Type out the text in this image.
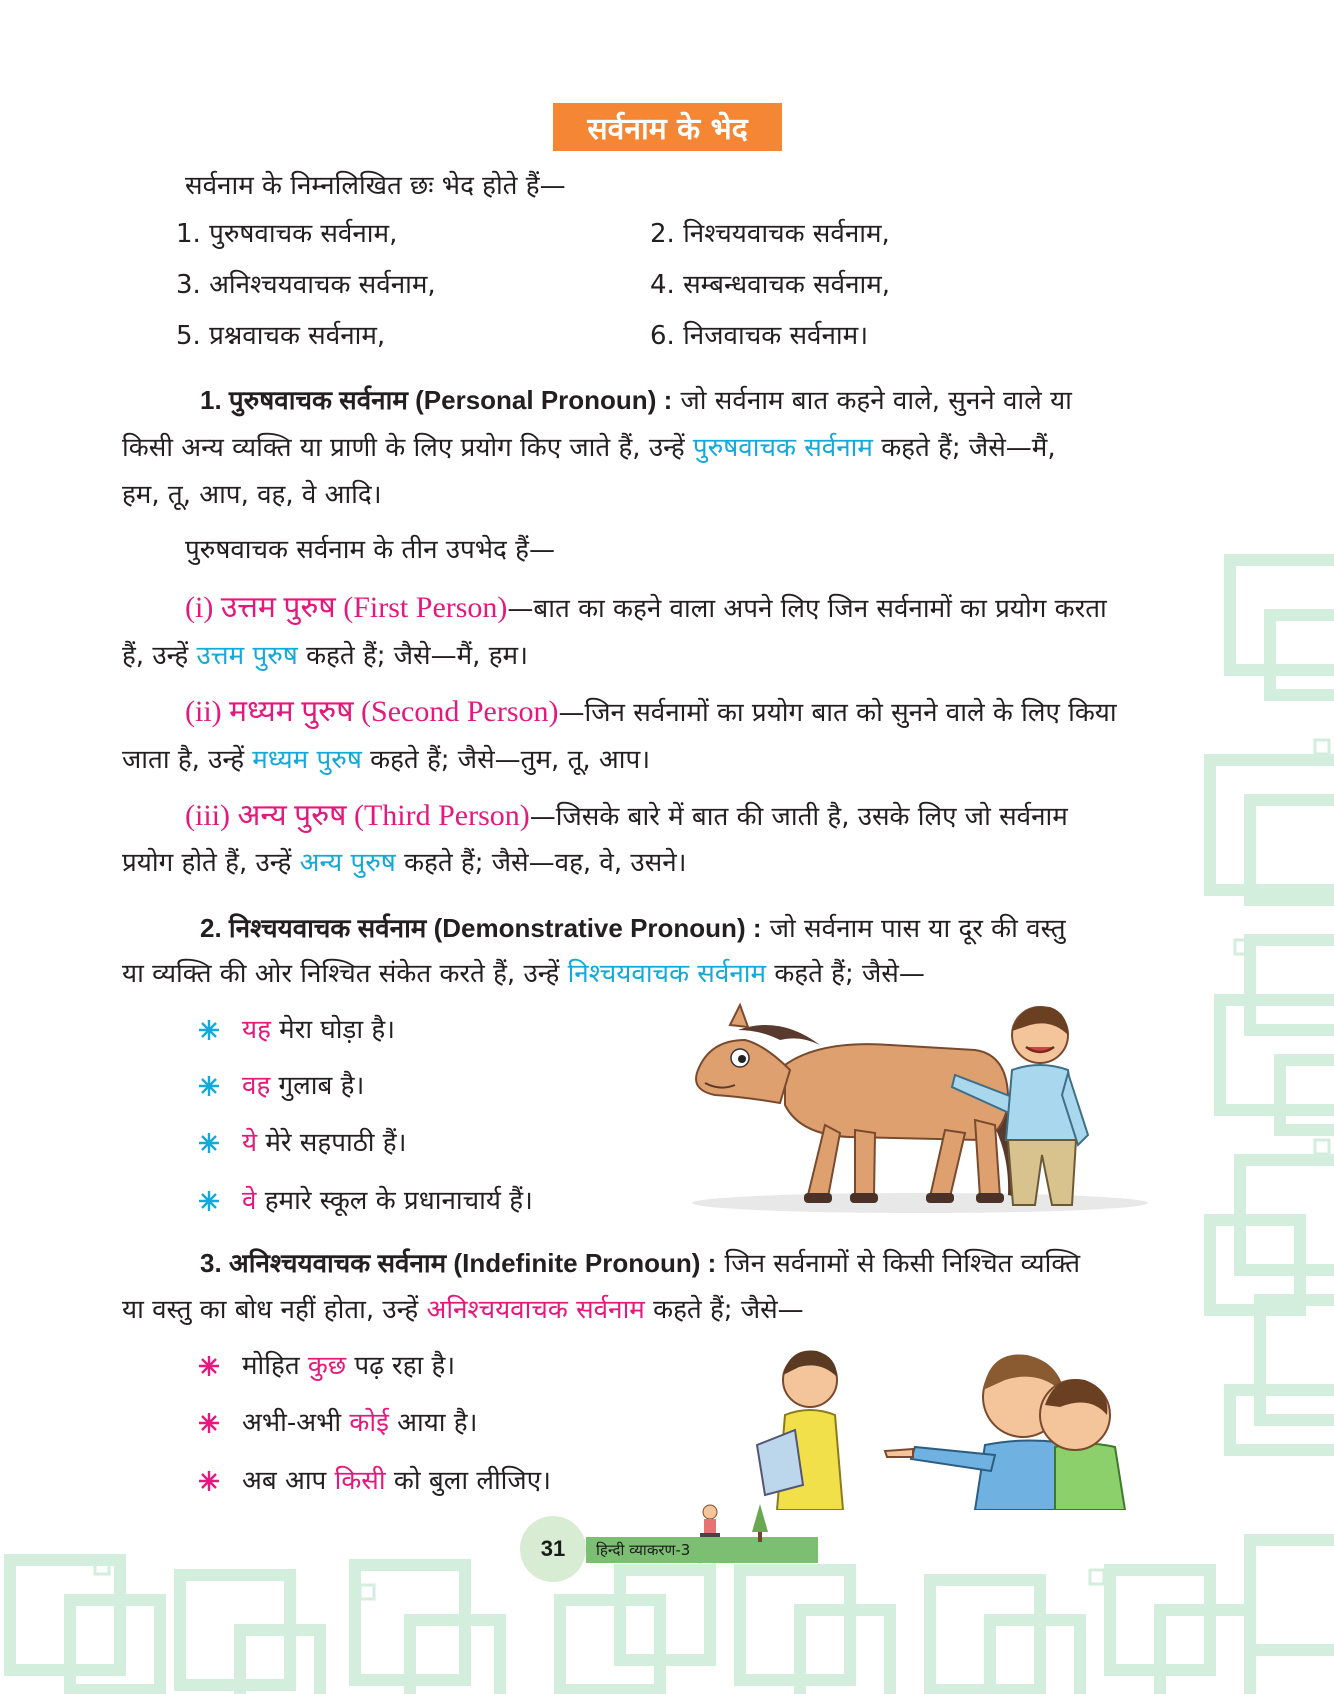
सर्वनाम के भेद
सर्वनाम के निम्नलिखित छः भेद होते हैं—
1. पुरुषवाचक सर्वनाम,	2. निश्चयवाचक सर्वनाम,
3. अनिश्चयवाचक सर्वनाम,	4. सम्बन्धवाचक सर्वनाम,
5. प्रश्नवाचक सर्वनाम,	6. निजवाचक सर्वनाम।
1. पुरुषवाचक सर्वनाम (Personal Pronoun) : जो सर्वनाम बात कहने वाले, सुनने वाले या
किसी अन्य व्यक्ति या प्राणी के लिए प्रयोग किए जाते हैं, उन्हें पुरुषवाचक सर्वनाम कहते हैं; जैसे—मैं,
हम, तू, आप, वह, वे आदि।
पुरुषवाचक सर्वनाम के तीन उपभेद हैं—
(i) उत्तम पुरुष (First Person)—बात का कहने वाला अपने लिए जिन सर्वनामों का प्रयोग करता
हैं, उन्हें उत्तम पुरुष कहते हैं; जैसे—मैं, हम।
(ii) मध्यम पुरुष (Second Person)—जिन सर्वनामों का प्रयोग बात को सुनने वाले के लिए किया
जाता है, उन्हें मध्यम पुरुष कहते हैं; जैसे—तुम, तू, आप।
(iii) अन्य पुरुष (Third Person)—जिसके बारे में बात की जाती है, उसके लिए जो सर्वनाम
प्रयोग होते हैं, उन्हें अन्य पुरुष कहते हैं; जैसे—वह, वे, उसने।
2. निश्चयवाचक सर्वनाम (Demonstrative Pronoun) : जो सर्वनाम पास या दूर की वस्तु
या व्यक्ति की ओर निश्चित संकेत करते हैं, उन्हें निश्चयवाचक सर्वनाम कहते हैं; जैसे—
यह मेरा घोड़ा है।
वह गुलाब है।
ये मेरे सहपाठी हैं।
वे हमारे स्कूल के प्रधानाचार्य हैं।
3. अनिश्चयवाचक सर्वनाम (Indefinite Pronoun) : जिन सर्वनामों से किसी निश्चित व्यक्ति
या वस्तु का बोध नहीं होता, उन्हें अनिश्चयवाचक सर्वनाम कहते हैं; जैसे—
मोहित कुछ पढ़ रहा है।
अभी-अभी कोई आया है।
अब आप किसी को बुला लीजिए।
31	हिन्दी व्याकरण-3
